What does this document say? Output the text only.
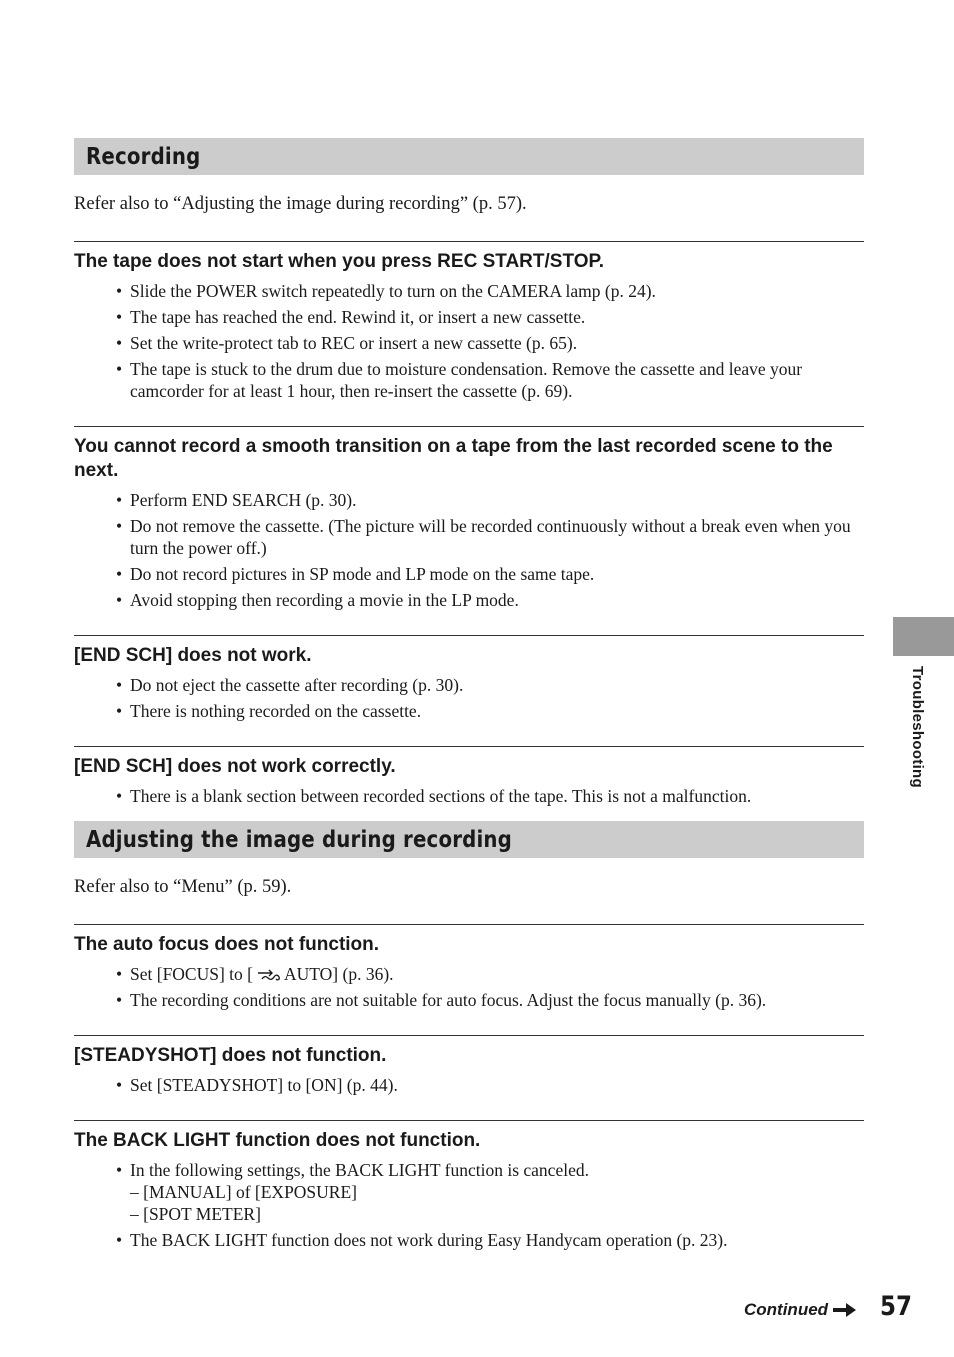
Recording
Refer also to “Adjusting the image during recording” (p. 57).
The tape does not start when you press REC START/STOP.
• Slide the POWER switch repeatedly to turn on the CAMERA lamp (p. 24).
• The tape has reached the end. Rewind it, or insert a new cassette.
• Set the write-protect tab to REC or insert a new cassette (p. 65).
• The tape is stuck to the drum due to moisture condensation. Remove the cassette and leave your camcorder for at least 1 hour, then re-insert the cassette (p. 69).
You cannot record a smooth transition on a tape from the last recorded scene to the next.
• Perform END SEARCH (p. 30).
• Do not remove the cassette. (The picture will be recorded continuously without a break even when you turn the power off.)
• Do not record pictures in SP mode and LP mode on the same tape.
• Avoid stopping then recording a movie in the LP mode.
[END SCH] does not work.
• Do not eject the cassette after recording (p. 30).
• There is nothing recorded on the cassette.
[END SCH] does not work correctly.
• There is a blank section between recorded sections of the tape. This is not a malfunction.
Adjusting the image during recording
Refer also to “Menu” (p. 59).
The auto focus does not function.
• Set [FOCUS] to [ AUTO] (p. 36).
• The recording conditions are not suitable for auto focus. Adjust the focus manually (p. 36).
[STEADYSHOT] does not function.
• Set [STEADYSHOT] to [ON] (p. 44).
The BACK LIGHT function does not function.
• In the following settings, the BACK LIGHT function is canceled.
– [MANUAL] of [EXPOSURE]
– [SPOT METER]
• The BACK LIGHT function does not work during Easy Handycam operation (p. 23).
Troubleshooting
Continued 57
